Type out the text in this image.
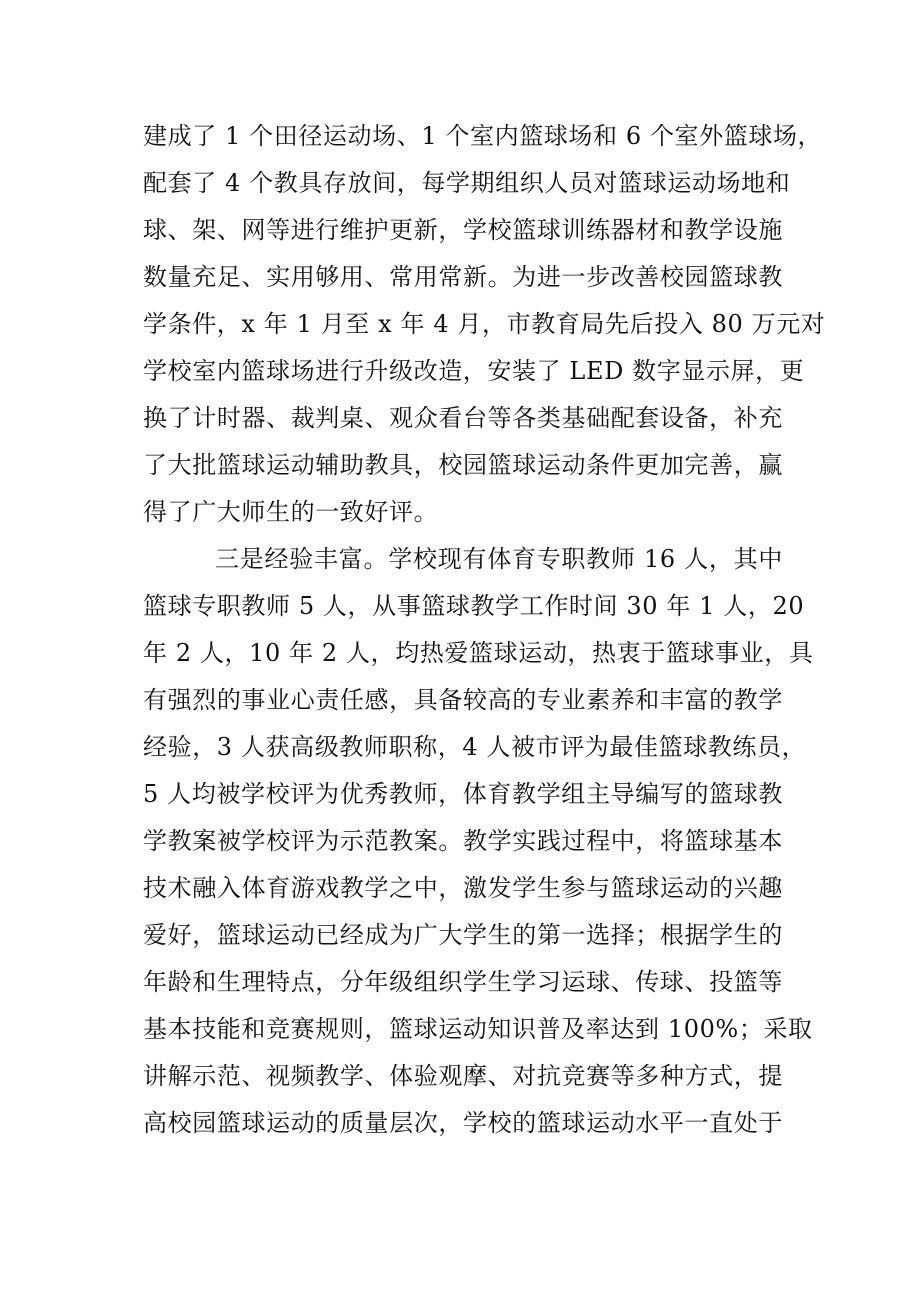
建成了 1 个田径运动场、1 个室内篮球场和 6 个室外篮球场，
配套了 4 个教具存放间，每学期组织人员对篮球运动场地和
球、架、网等进行维护更新，学校篮球训练器材和教学设施
数量充足、实用够用、常用常新。为进一步改善校园篮球教
学条件，x 年 1 月至 x 年 4 月，市教育局先后投入 80 万元对
学校室内篮球场进行升级改造，安装了 LED 数字显示屏，更
换了计时器、裁判桌、观众看台等各类基础配套设备，补充
了大批篮球运动辅助教具，校园篮球运动条件更加完善，赢
得了广大师生的一致好评。
三是经验丰富。学校现有体育专职教师 16 人，其中
篮球专职教师 5 人，从事篮球教学工作时间 30 年 1 人，20
年 2 人，10 年 2 人，均热爱篮球运动，热衷于篮球事业，具
有强烈的事业心责任感，具备较高的专业素养和丰富的教学
经验，3 人获高级教师职称，4 人被市评为最佳篮球教练员，
5 人均被学校评为优秀教师，体育教学组主导编写的篮球教
学教案被学校评为示范教案。教学实践过程中，将篮球基本
技术融入体育游戏教学之中，激发学生参与篮球运动的兴趣
爱好，篮球运动已经成为广大学生的第一选择；根据学生的
年龄和生理特点，分年级组织学生学习运球、传球、投篮等
基本技能和竞赛规则，篮球运动知识普及率达到 100%；采取
讲解示范、视频教学、体验观摩、对抗竞赛等多种方式，提
高校园篮球运动的质量层次，学校的篮球运动水平一直处于
